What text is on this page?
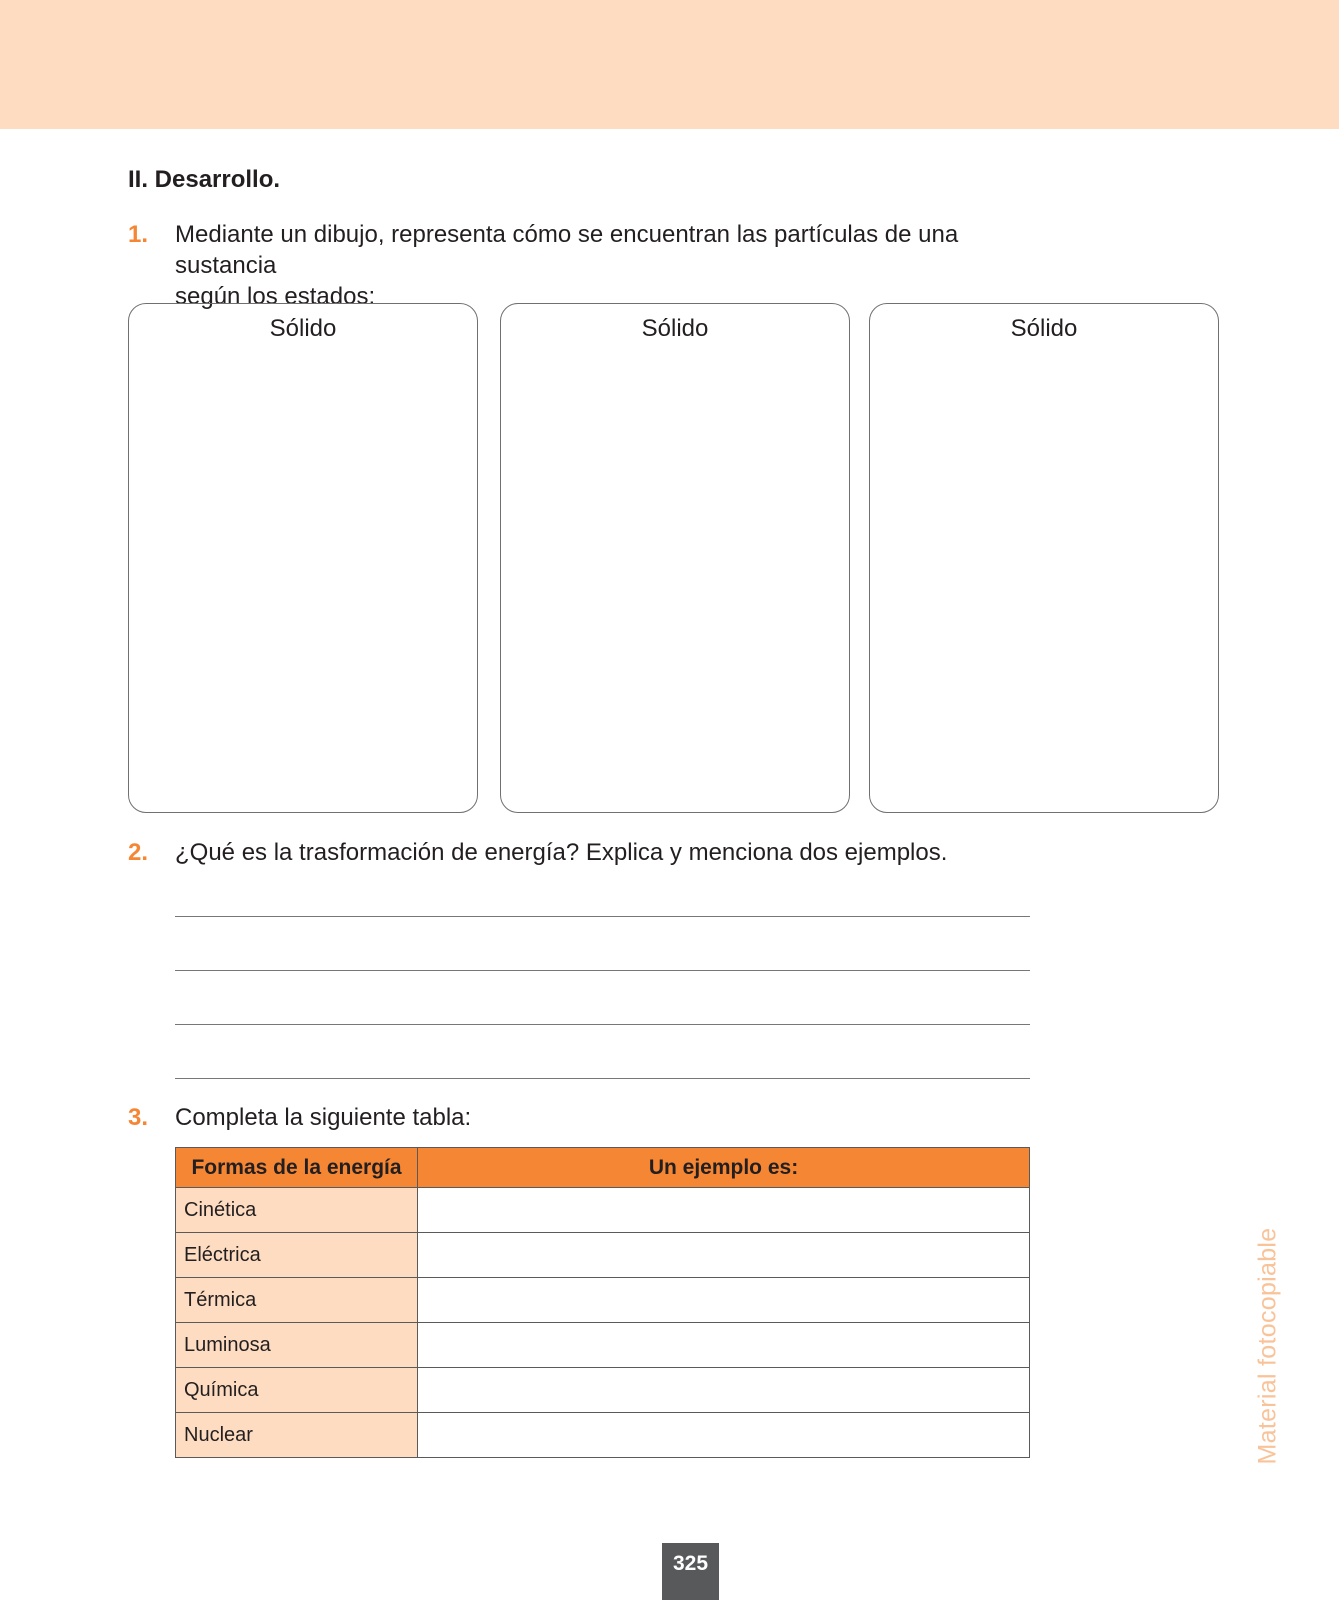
II. Desarrollo.
1. Mediante un dibujo, representa cómo se encuentran las partículas de una sustancia
según los estados:
Sólido	Sólido	Sólido
2. ¿Qué es la trasformación de energía? Explica y menciona dos ejemplos.
3. Completa la siguiente tabla:
Formas de la energía	Un ejemplo es:
Cinética	
Eléctrica	
Térmica	
Luminosa	
Química	
Nuclear		Material fotocopiable
325
